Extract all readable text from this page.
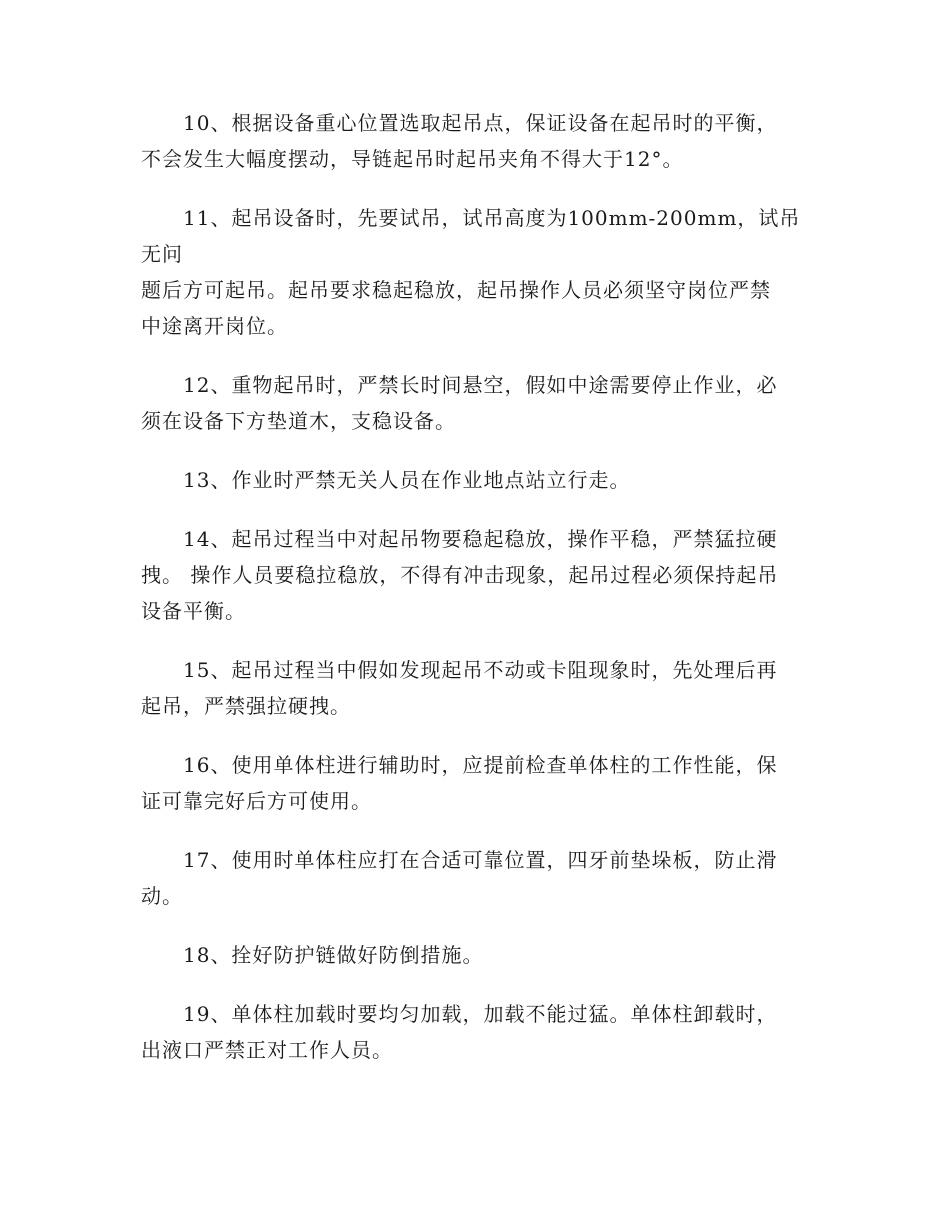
10、根据设备重心位置选取起吊点，保证设备在起吊时的平衡，
不会发生大幅度摆动，导链起吊时起吊夹角不得大于12°。

11、起吊设备时，先要试吊，试吊高度为100mm-200mm，试吊无问
题后方可起吊。起吊要求稳起稳放，起吊操作人员必须坚守岗位严禁
中途离开岗位。

12、重物起吊时，严禁长时间悬空，假如中途需要停止作业，必
须在设备下方垫道木，支稳设备。

13、作业时严禁无关人员在作业地点站立行走。

14、起吊过程当中对起吊物要稳起稳放，操作平稳，严禁猛拉硬
拽。 操作人员要稳拉稳放，不得有冲击现象，起吊过程必须保持起吊
设备平衡。

15、起吊过程当中假如发现起吊不动或卡阻现象时，先处理后再
起吊，严禁强拉硬拽。

16、使用单体柱进行辅助时，应提前检查单体柱的工作性能，保
证可靠完好后方可使用。

17、使用时单体柱应打在合适可靠位置，四牙前垫垛板，防止滑
动。

18、拴好防护链做好防倒措施。

19、单体柱加载时要均匀加载，加载不能过猛。单体柱卸载时，
出液口严禁正对工作人员。
